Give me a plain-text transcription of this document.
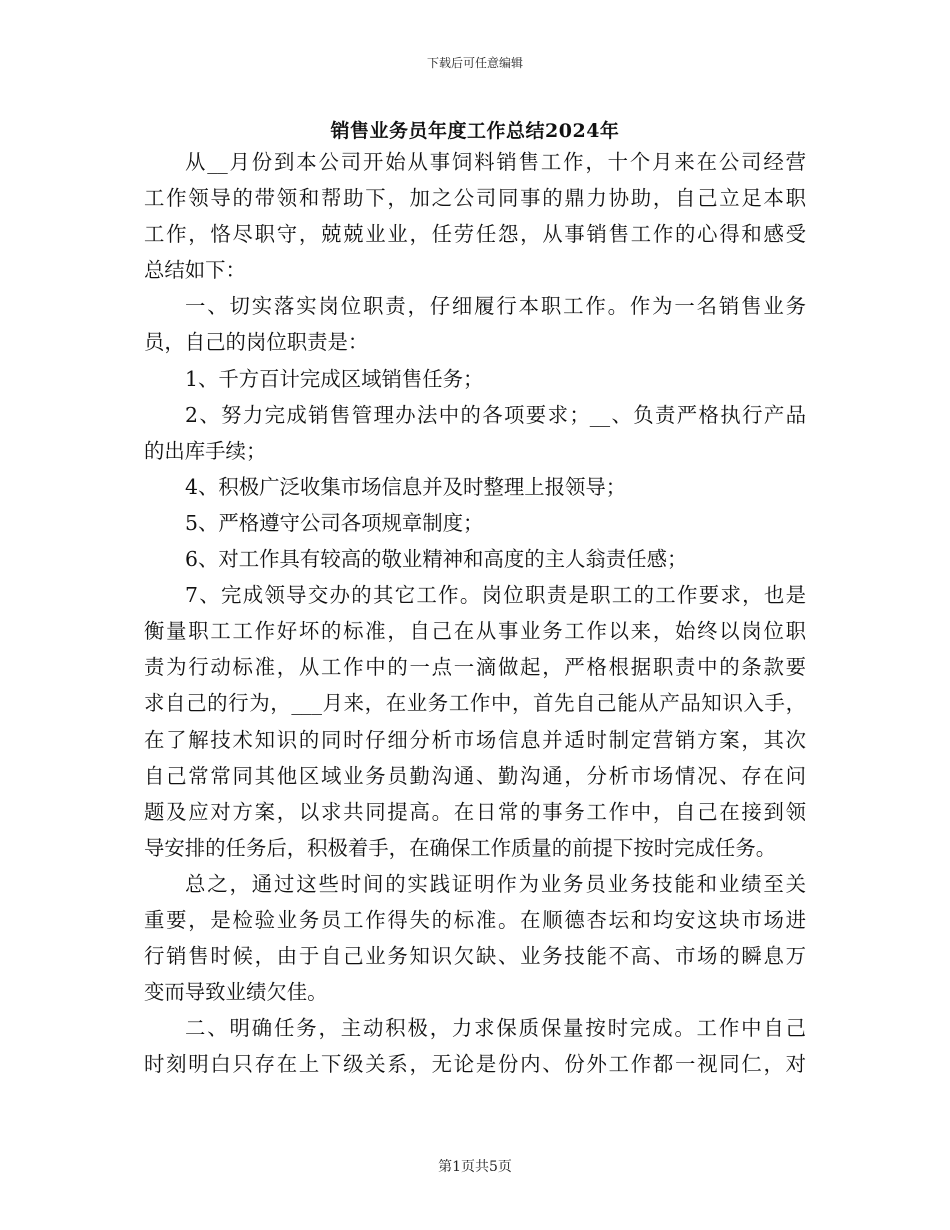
下载后可任意编辑
销售业务员年度工作总结2024年
从__月份到本公司开始从事饲料销售工作，十个月来在公司经营
工作领导的带领和帮助下，加之公司同事的鼎力协助，自己立足本职
工作，恪尽职守，兢兢业业，任劳任怨，从事销售工作的心得和感受
总结如下：
一、切实落实岗位职责，仔细履行本职工作。作为一名销售业务
员，自己的岗位职责是：
1、千方百计完成区域销售任务；
2、努力完成销售管理办法中的各项要求；__、负责严格执行产品
的出库手续；
4、积极广泛收集市场信息并及时整理上报领导；
5、严格遵守公司各项规章制度；
6、对工作具有较高的敬业精神和高度的主人翁责任感；
7、完成领导交办的其它工作。岗位职责是职工的工作要求，也是
衡量职工工作好坏的标准，自己在从事业务工作以来，始终以岗位职
责为行动标准，从工作中的一点一滴做起，严格根据职责中的条款要
求自己的行为，___月来，在业务工作中，首先自己能从产品知识入手，
在了解技术知识的同时仔细分析市场信息并适时制定营销方案，其次
自己常常同其他区域业务员勤沟通、勤沟通，分析市场情况、存在问
题及应对方案，以求共同提高。在日常的事务工作中，自己在接到领
导安排的任务后，积极着手，在确保工作质量的前提下按时完成任务。
总之，通过这些时间的实践证明作为业务员业务技能和业绩至关
重要，是检验业务员工作得失的标准。在顺德杏坛和均安这块市场进
行销售时候，由于自己业务知识欠缺、业务技能不高、市场的瞬息万
变而导致业绩欠佳。
二、明确任务，主动积极，力求保质保量按时完成。工作中自己
时刻明白只存在上下级关系，无论是份内、份外工作都一视同仁，对
第1页共5页
